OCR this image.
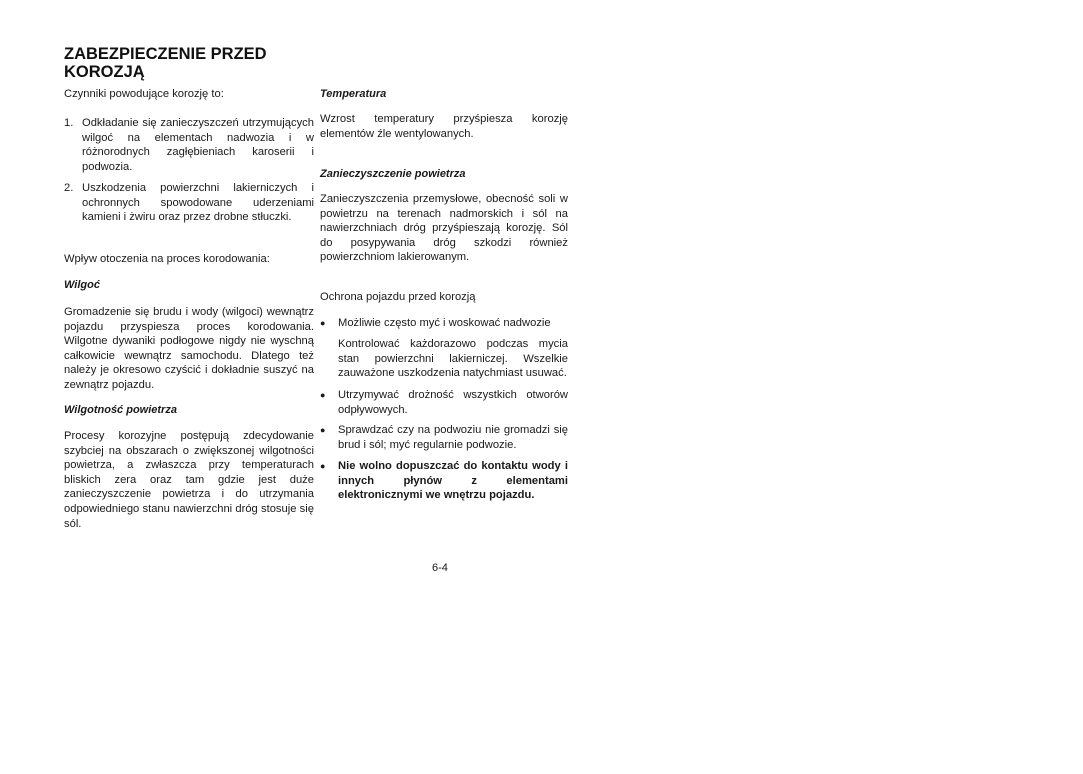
ZABEZPIECZENIE PRZED
KOROZJĄ
Czynniki powodujące korozję to:
1. Odkładanie się zanieczyszczeń utrzymujących wilgoć na elementach nadwozia i w różnorodnych zagłębieniach karoserii i podwozia.
2. Uszkodzenia powierzchni lakierniczych i ochronnych spowodowane uderzeniami kamieni i żwiru oraz przez drobne stłuczki.
Wpływ otoczenia na proces korodowania:
Wilgoć
Gromadzenie się brudu i wody (wilgoci) wewnątrz pojazdu przyspiesza proces korodowania. Wilgotne dywaniki podłogowe nigdy nie wyschną całkowicie wewnątrz samochodu. Dlatego też należy je okresowo czyścić i dokładnie suszyć na zewnątrz pojazdu.
Wilgotność powietrza
Procesy korozyjne postępują zdecydowanie szybciej na obszarach o zwiększonej wilgotności powietrza, a zwłaszcza przy temperaturach bliskich zera oraz tam gdzie jest duże zanieczyszczenie powietrza i do utrzymania odpowiedniego stanu nawierzchni dróg stosuje się sól.
Temperatura
Wzrost temperatury przyśpiesza korozję elementów źle wentylowanych.
Zanieczyszczenie powietrza
Zanieczyszczenia przemysłowe, obecność soli w powietrzu na terenach nadmorskich i sól na nawierzchniach dróg przyśpieszają korozję. Sól do posypywania dróg szkodzi również powierzchniom lakierowanym.
Ochrona pojazdu przed korozją
●	Możliwie często myć i woskować nadwozie
Kontrolować każdorazowo podczas mycia stan powierzchni lakierniczej. Wszelkie zauważone uszkodzenia natychmiast usuwać.
●	Utrzymywać drożność wszystkich otworów odpływowych.
●	Sprawdzać czy na podwoziu nie gromadzi się brud i sól; myć regularnie podwozie.
●	Nie wolno dopuszczać do kontaktu wody i innych płynów z elementami elektronicznymi we wnętrzu pojazdu.
6-4
